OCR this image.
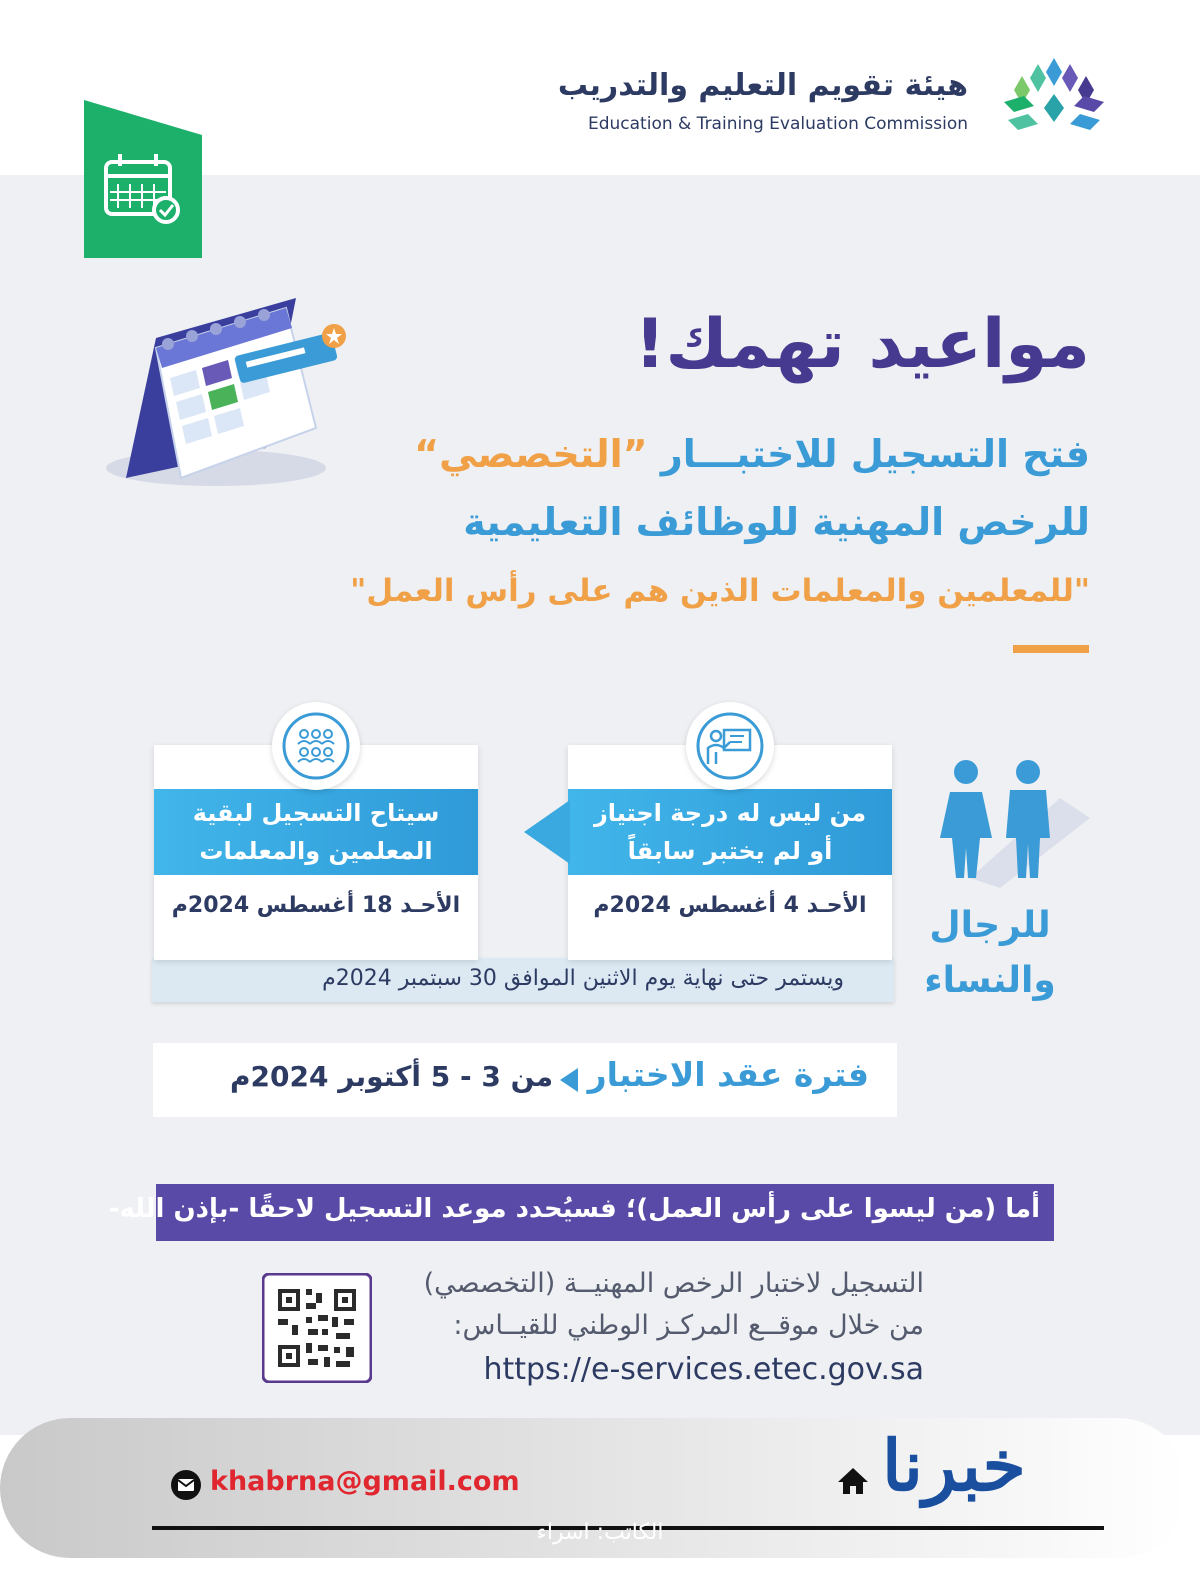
هيئة تقويم التعليم والتدريب
Education & Training Evaluation Commission
مواعيد تهمك!
فتح التسجيل للاختبـــار ”التخصصي“
للرخص المهنية للوظائف التعليمية
"للمعلمين والمعلمات الذين هم على رأس العمل"
ويستمر حتى نهاية يوم الاثنين الموافق 30 سبتمبر 2024م
من ليس له درجة اجتياز
أو لم يختبر سابقاً
الأحـد 4 أغسطس 2024م
سيتاح التسجيل لبقية
المعلمين والمعلمات
الأحـد 18 أغسطس 2024م	للرجال
والنساء
فترة عقد الاختبار
من 3 - 5 أكتوبر 2024م
أما (من ليسوا على رأس العمل)؛ فسيُحدد موعد التسجيل لاحقًا -بإذن الله-
التسجيل لاختبار الرخص المهنيــة (التخصصي)
من خلال موقــع المركـز الوطني للقيــاس:
https://e-services.etec.gov.sa
khabrna@gmail.com	خبرنا
الكاتب: اسراء
